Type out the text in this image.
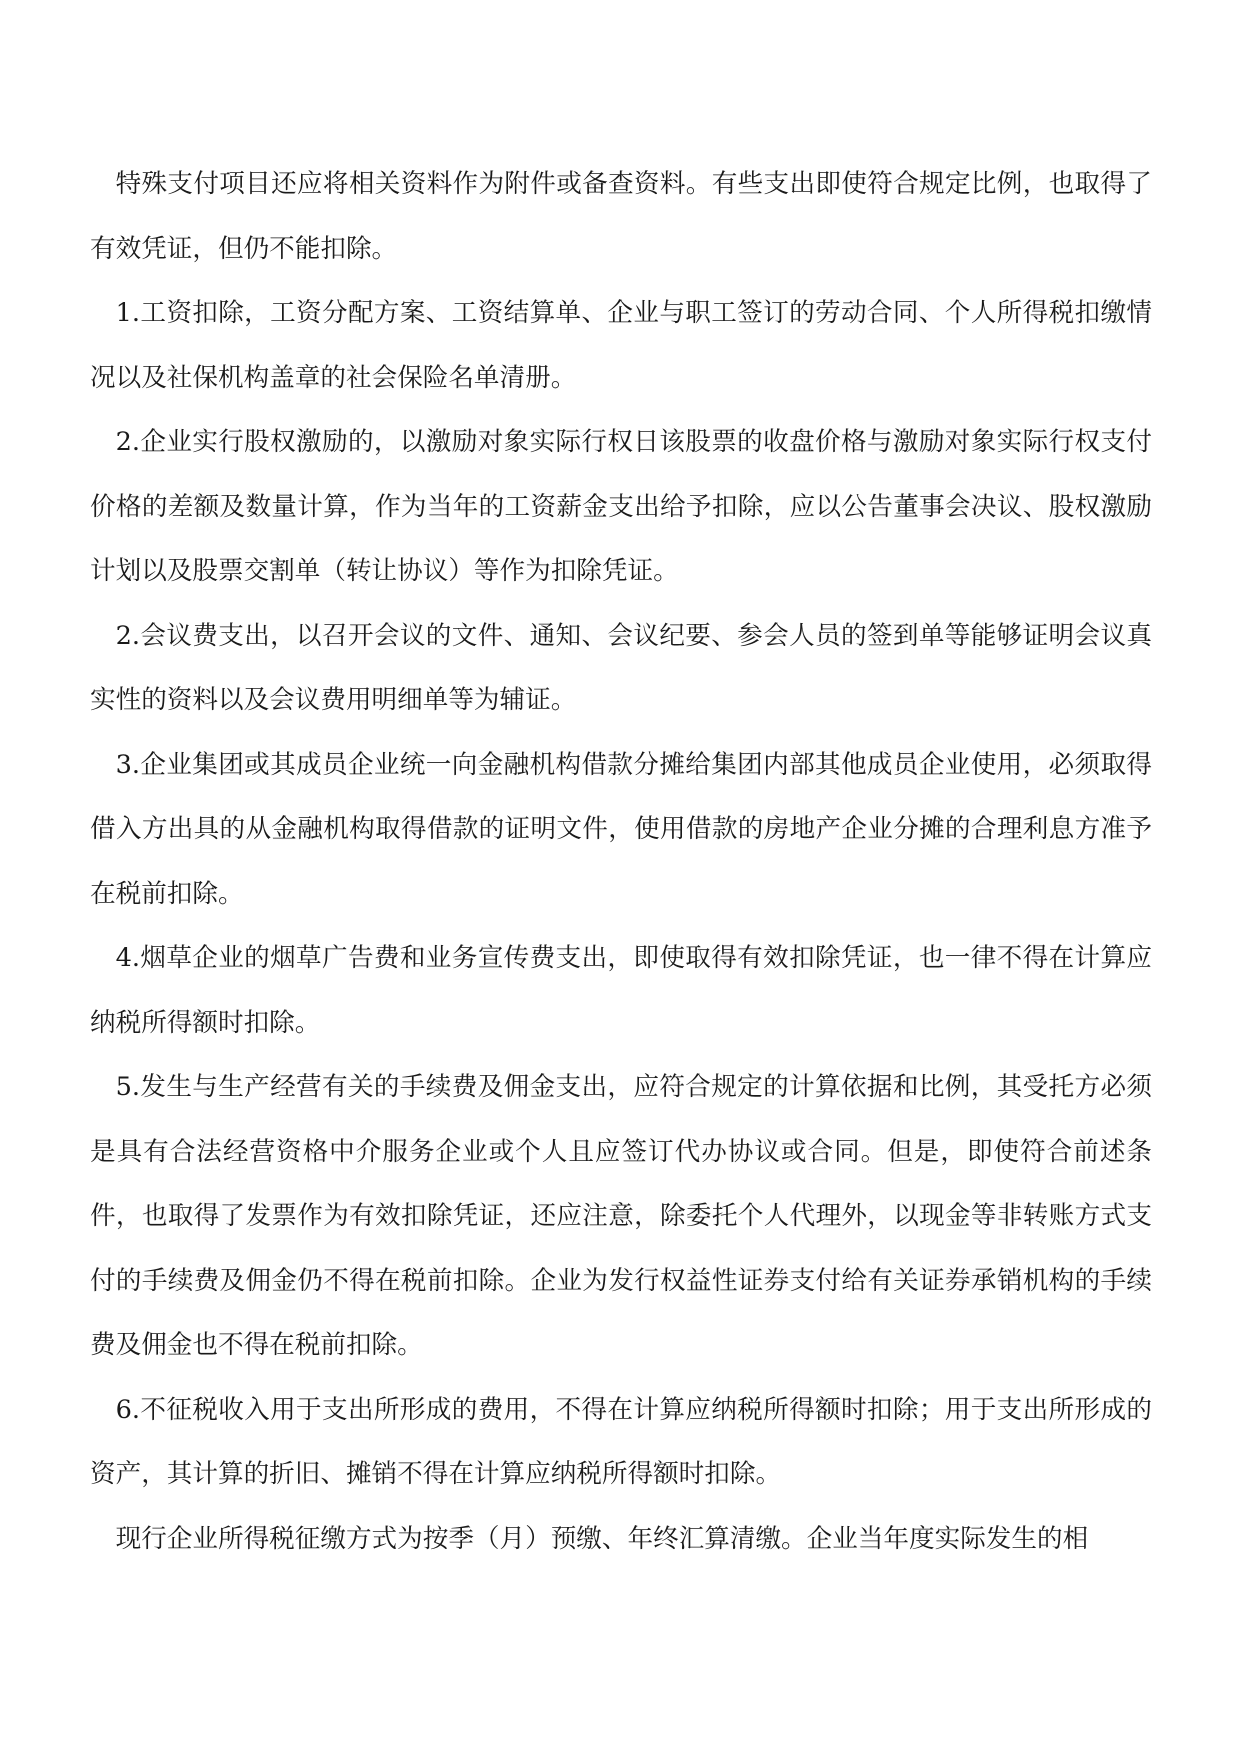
特殊支付项目还应将相关资料作为附件或备查资料。有些支出即使符合规定比例，也取得了有效凭证，但仍不能扣除。

1.工资扣除，工资分配方案、工资结算单、企业与职工签订的劳动合同、个人所得税扣缴情况以及社保机构盖章的社会保险名单清册。

2.企业实行股权激励的，以激励对象实际行权日该股票的收盘价格与激励对象实际行权支付价格的差额及数量计算，作为当年的工资薪金支出给予扣除，应以公告董事会决议、股权激励计划以及股票交割单（转让协议）等作为扣除凭证。

2.会议费支出，以召开会议的文件、通知、会议纪要、参会人员的签到单等能够证明会议真实性的资料以及会议费用明细单等为辅证。

3.企业集团或其成员企业统一向金融机构借款分摊给集团内部其他成员企业使用，必须取得借入方出具的从金融机构取得借款的证明文件，使用借款的房地产企业分摊的合理利息方准予在税前扣除。

4.烟草企业的烟草广告费和业务宣传费支出，即使取得有效扣除凭证，也一律不得在计算应纳税所得额时扣除。

5.发生与生产经营有关的手续费及佣金支出，应符合规定的计算依据和比例，其受托方必须是具有合法经营资格中介服务企业或个人且应签订代办协议或合同。但是，即使符合前述条件，也取得了发票作为有效扣除凭证，还应注意，除委托个人代理外，以现金等非转账方式支付的手续费及佣金仍不得在税前扣除。企业为发行权益性证券支付给有关证券承销机构的手续费及佣金也不得在税前扣除。

6.不征税收入用于支出所形成的费用，不得在计算应纳税所得额时扣除；用于支出所形成的资产，其计算的折旧、摊销不得在计算应纳税所得额时扣除。

现行企业所得税征缴方式为按季（月）预缴、年终汇算清缴。企业当年度实际发生的相
